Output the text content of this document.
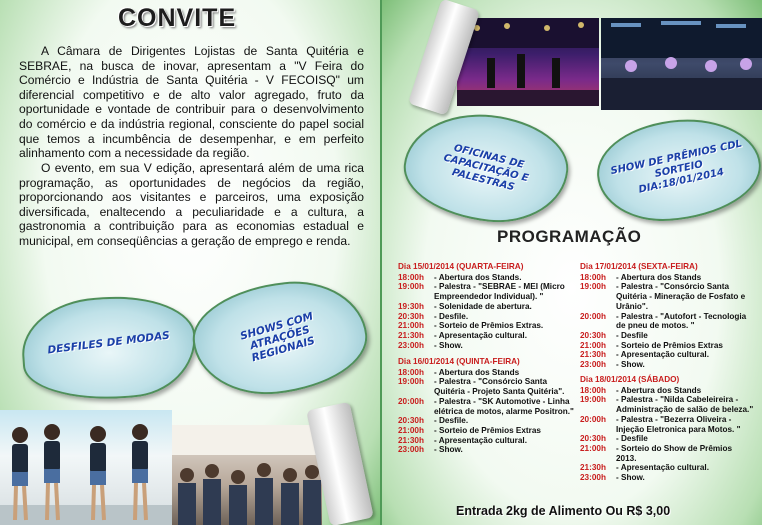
CONVITE

A Câmara de Dirigentes Lojistas de Santa Quitéria e SEBRAE, na busca de inovar, apresentam a "V Feira do Comércio e Indústria de Santa Quitéria - V FECOISQ" um diferencial competitivo e de alto valor agregado, fruto da oportunidade e vontade de contribuir para o desenvolvimento do comércio e da indústria regional, consciente do papel social que temos a incumbência de desempenhar, e em perfeito alinhamento com a necessidade da região.

O evento, em sua V edição, apresentará além de uma rica programação, as oportunidades de negócios da região, proporcionando aos visitantes e parceiros, uma exposição diversificada, enaltecendo a peculiaridade e a cultura, a gastronomia a contribuição para as economias estadual e municipal, em conseqüências a geração de emprego e renda.

DESFILES DE MODAS
SHOWS COM ATRAÇÕES REGIONAIS
OFICINAS DE CAPACITAÇÃO E PALESTRAS
SHOW DE PRÊMIOS CDL SORTEIO DIA:18/01/2014
PROGRAMAÇÃO
Dia 15/01/2014 (QUARTA-FEIRA)
18:00h	- Abertura dos Stands.
19:00h	- Palestra - "SEBRAE - MEI (Micro Empreendedor Individual). "
19:30h	- Solenidade de abertura.
20:30h	- Desfile.
21:00h	- Sorteio de Prêmios Extras.
21:30h	- Apresentação cultural.
23:00h	- Show.
Dia 16/01/2014 (QUINTA-FEIRA)
18:00h	- Abertura dos Stands
19:00h	- Palestra - "Consórcio Santa Quitéria - Projeto Santa Quitéria".
20:00h	- Palestra - "SK Automotive - Linha elétrica de motos, alarme Positron."
20:30h	- Desfile.
21:00h	- Sorteio de Prêmios Extras
21:30h	- Apresentação cultural.
23:00h	- Show.
Dia 17/01/2014 (SEXTA-FEIRA)
18:00h	- Abertura dos Stands
19:00h	- Palestra - "Consórcio Santa Quitéria - Mineração de Fosfato e Urânio".
20:00h	- Palestra - "Autofort - Tecnologia de pneu de motos. "
20:30h	- Desfile
21:00h	- Sorteio de Prêmios Extras
21:30h	- Apresentação cultural.
23:00h	- Show.
Dia 18/01/2014 (SÁBADO)
18:00h	- Abertura dos Stands
19:00h	- Palestra - "Nilda Cabeleireira - Administração de salão de beleza."
20:00h	- Palestra - "Bezerra Oliveira - Injeção Eletronica para Motos. "
20:30h	- Desfile
21:00h	- Sorteio do Show de Prêmios 2013.
21:30h	- Apresentação cultural.
23:00h	- Show.
Entrada 2kg de Alimento Ou R$ 3,00
